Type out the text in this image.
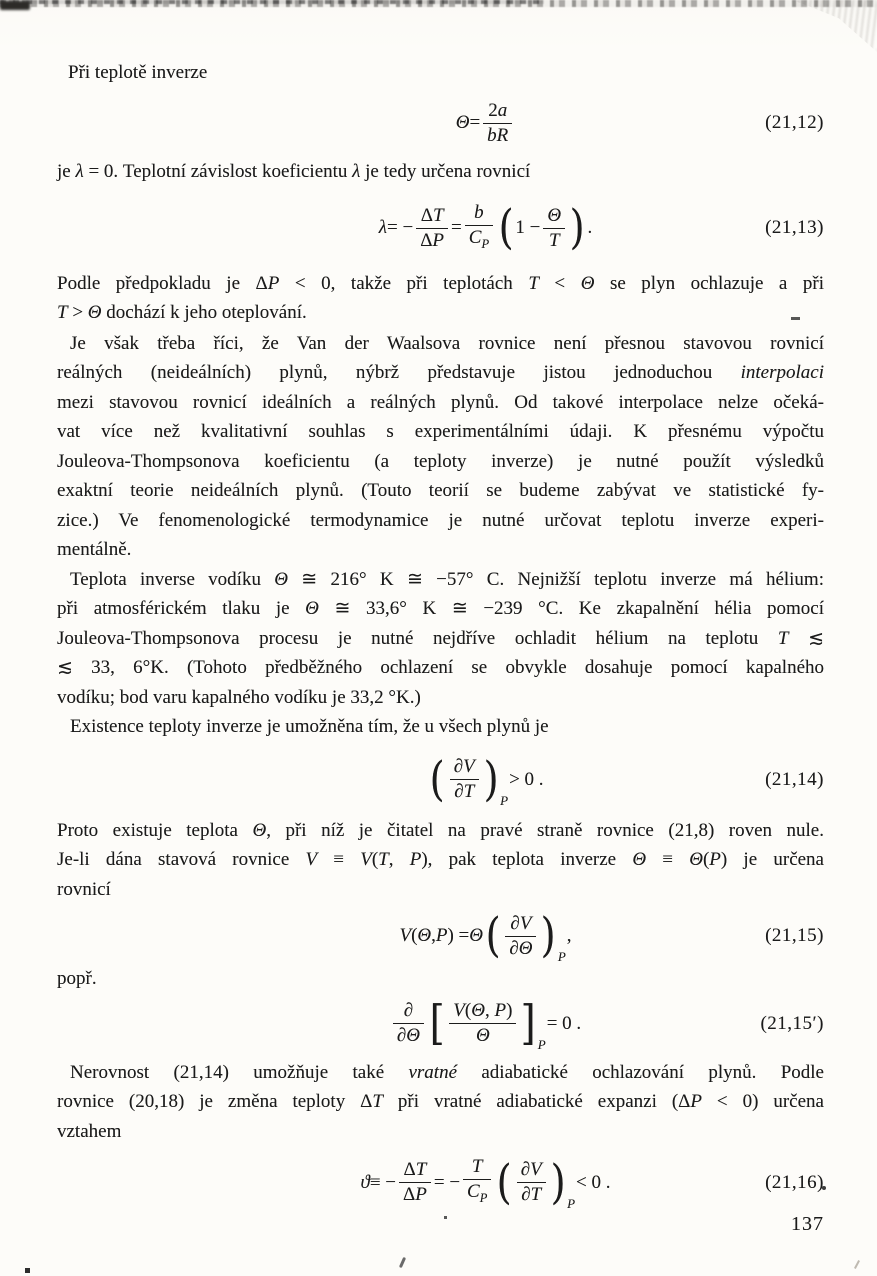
Při teplotě inverze
$\Theta = \frac{2a}{bR}$	(21,12)
je λ = 0. Teplotní závislost koeficientu λ je tedy určena rovnicí
λ = − $\frac{\Delta T}{\Delta P} = \frac{b}{C_P}$ ( $1 - \frac{\Theta}{T}$ ) .	(21,13)
Podle předpokladu je ΔP < 0, takže při teplotách T < Θ se plyn ochlazuje a při
T > Θ dochází k jeho oteplování.
Je však třeba říci, že Van der Waalsova rovnice není přesnou stavovou rovnicí
reálných (neideálních) plynů, nýbrž představuje jistou jednoduchou interpolaci
mezi stavovou rovnicí ideálních a reálných plynů. Od takové interpolace nelze očeká-
vat více než kvalitativní souhlas s experimentálními údaji. K přesnému výpočtu
Jouleova-Thompsonova koeficientu (a teploty inverze) je nutné použít výsledků
exaktní teorie neideálních plynů. (Touto teorií se budeme zabývat ve statistické fy-
zice.) Ve fenomenologické termodynamice je nutné určovat teplotu inverze experi-
mentálně.
Teplota inverse vodíku Θ ≅ 216° K ≅ −57° C. Nejnižší teplotu inverze má hélium:
při atmosférickém tlaku je Θ ≅ 33,6° K ≅ −239 °C. Ke zkapalnění hélia pomocí
Jouleova-Thompsonova procesu je nutné nejdříve ochladit hélium na teplotu T ≲
≲ 33, 6°K. (Tohoto předběžného ochlazení se obvykle dosahuje pomocí kapalného
vodíku; bod varu kapalného vodíku je 33,2 °K.)
Existence teploty inverze je umožněna tím, že u všech plynů je
( $\frac{\partial V}{\partial T}$ ) P
> 0 .	(21,14)
Proto existuje teplota Θ, při níž je čitatel na pravé straně rovnice (21,8) roven nule.
Je-li dána stavová rovnice V ≡ V(T, P), pak teplota inverze Θ ≡ Θ(P) je určena
rovnicí
V ( Θ , P ) = Θ ( $\frac{\partial V}{\partial\Theta}$ ) P
,	(21,15)
popř.
$\frac{\partial}{\partial\Theta}$ [ $\frac{V(\Theta, P)}{\Theta}$ ] P
= 0 .	(21,15′)
Nerovnost (21,14) umožňuje také vratné adiabatické ochlazování plynů. Podle
rovnice (20,18) je změna teploty ΔT při vratné adiabatické expanzi (ΔP < 0) určena
vztahem
ϑ ≡ − $\frac{\Delta T}{\Delta P}$ = − $\frac{T}{C_P}$ ( $\frac{\partial V}{\partial T}$ ) P
< 0 .	(21,16)
137
